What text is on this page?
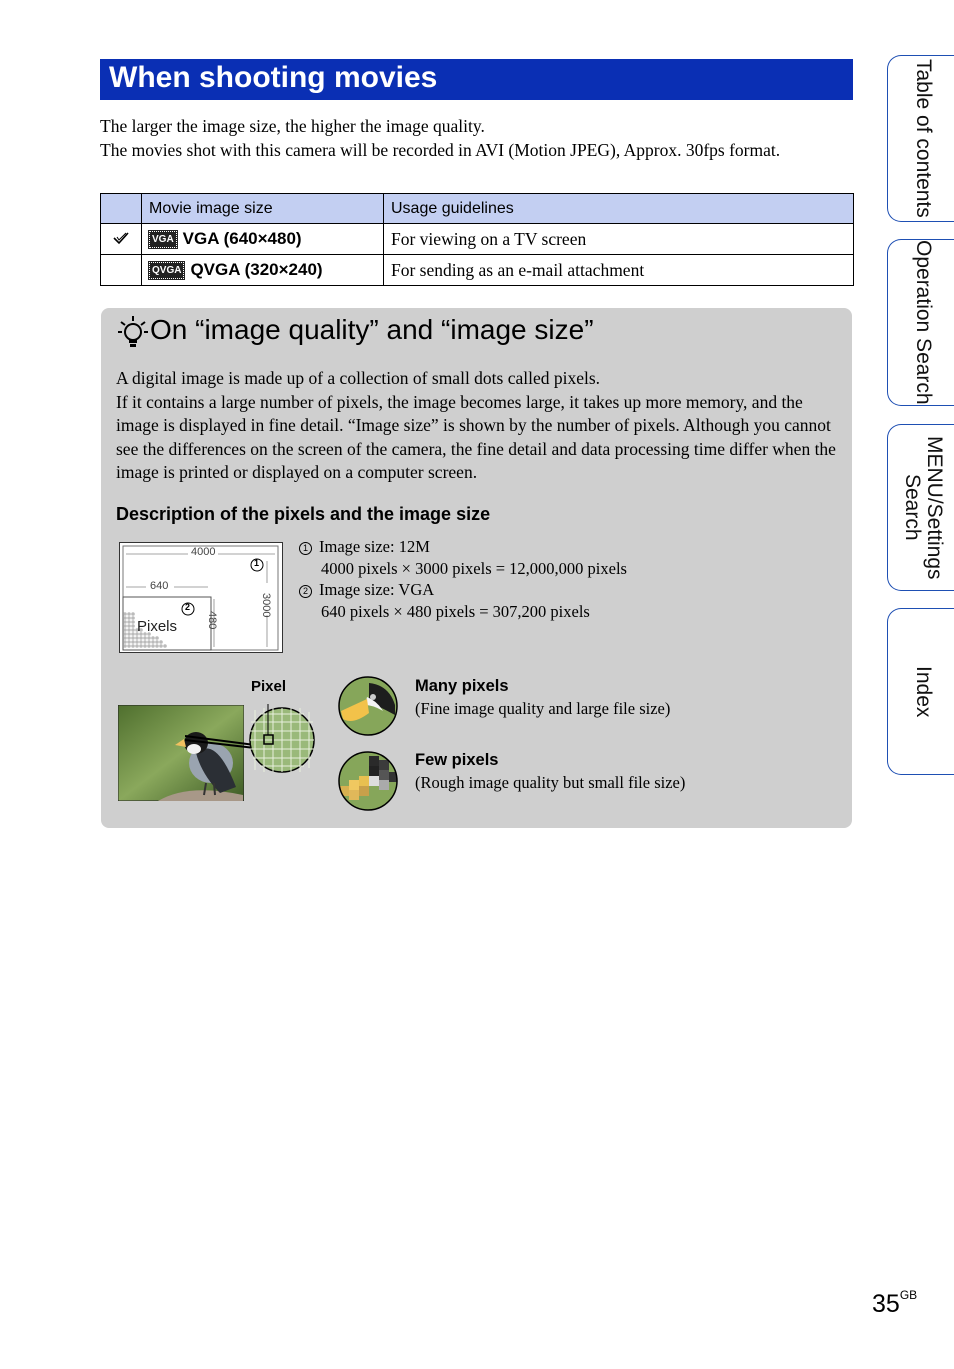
When shooting movies
The larger the image size, the higher the image quality.
The movies shot with this camera will be recorded in AVI (Motion JPEG), Approx. 30fps format.
	Movie image size	Usage guidelines
	VGA VGA (640×480)	For viewing on a TV screen
	QVGA QVGA (320×240)	For sending as an e-mail attachment
On “image quality” and “image size”
A digital image is made up of a collection of small dots called pixels.
If it contains a large number of pixels, the image becomes large, it takes up more memory, and the image is displayed in fine detail. “Image size” is shown by the number of pixels. Although you cannot see the differences on the screen of the camera, the fine detail and data processing time differ when the image is printed or displayed on a computer screen.
Description of the pixels and the image size
4000
3000
640
480
Pixels
1
2
1 Image size: 12M
4000 pixels × 3000 pixels = 12,000,000 pixels
2 Image size: VGA
640 pixels × 480 pixels = 307,200 pixels
Pixel	Many pixels
(Fine image quality and large file size)
Few pixels
(Rough image quality but small file size)
Table of contents
Operation Search
MENU/Settings Search
Index
$35^{GB}$
